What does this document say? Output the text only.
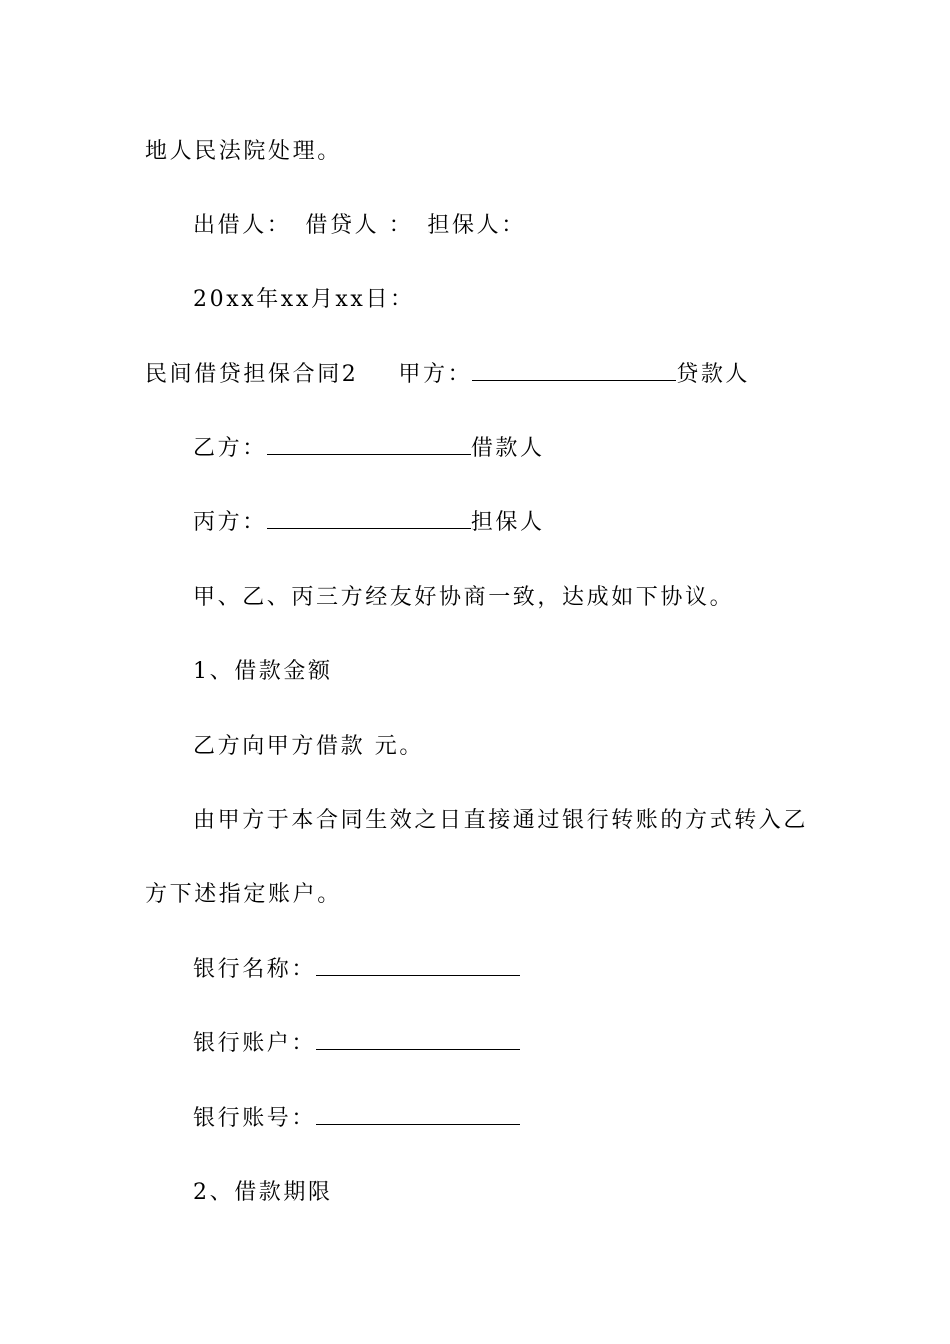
地人民法院处理。
出借人： 借贷人 ： 担保人：
20xx年xx月xx日：
民间借贷担保合同2 甲方：	贷款人
乙方：	借款人
丙方：	担保人
甲、乙、丙三方经友好协商一致，达成如下协议。
1、借款金额
乙方向甲方借款 元。
由甲方于本合同生效之日直接通过银行转账的方式转入乙
方下述指定账户。
银行名称：
银行账户：
银行账号：
2、借款期限
